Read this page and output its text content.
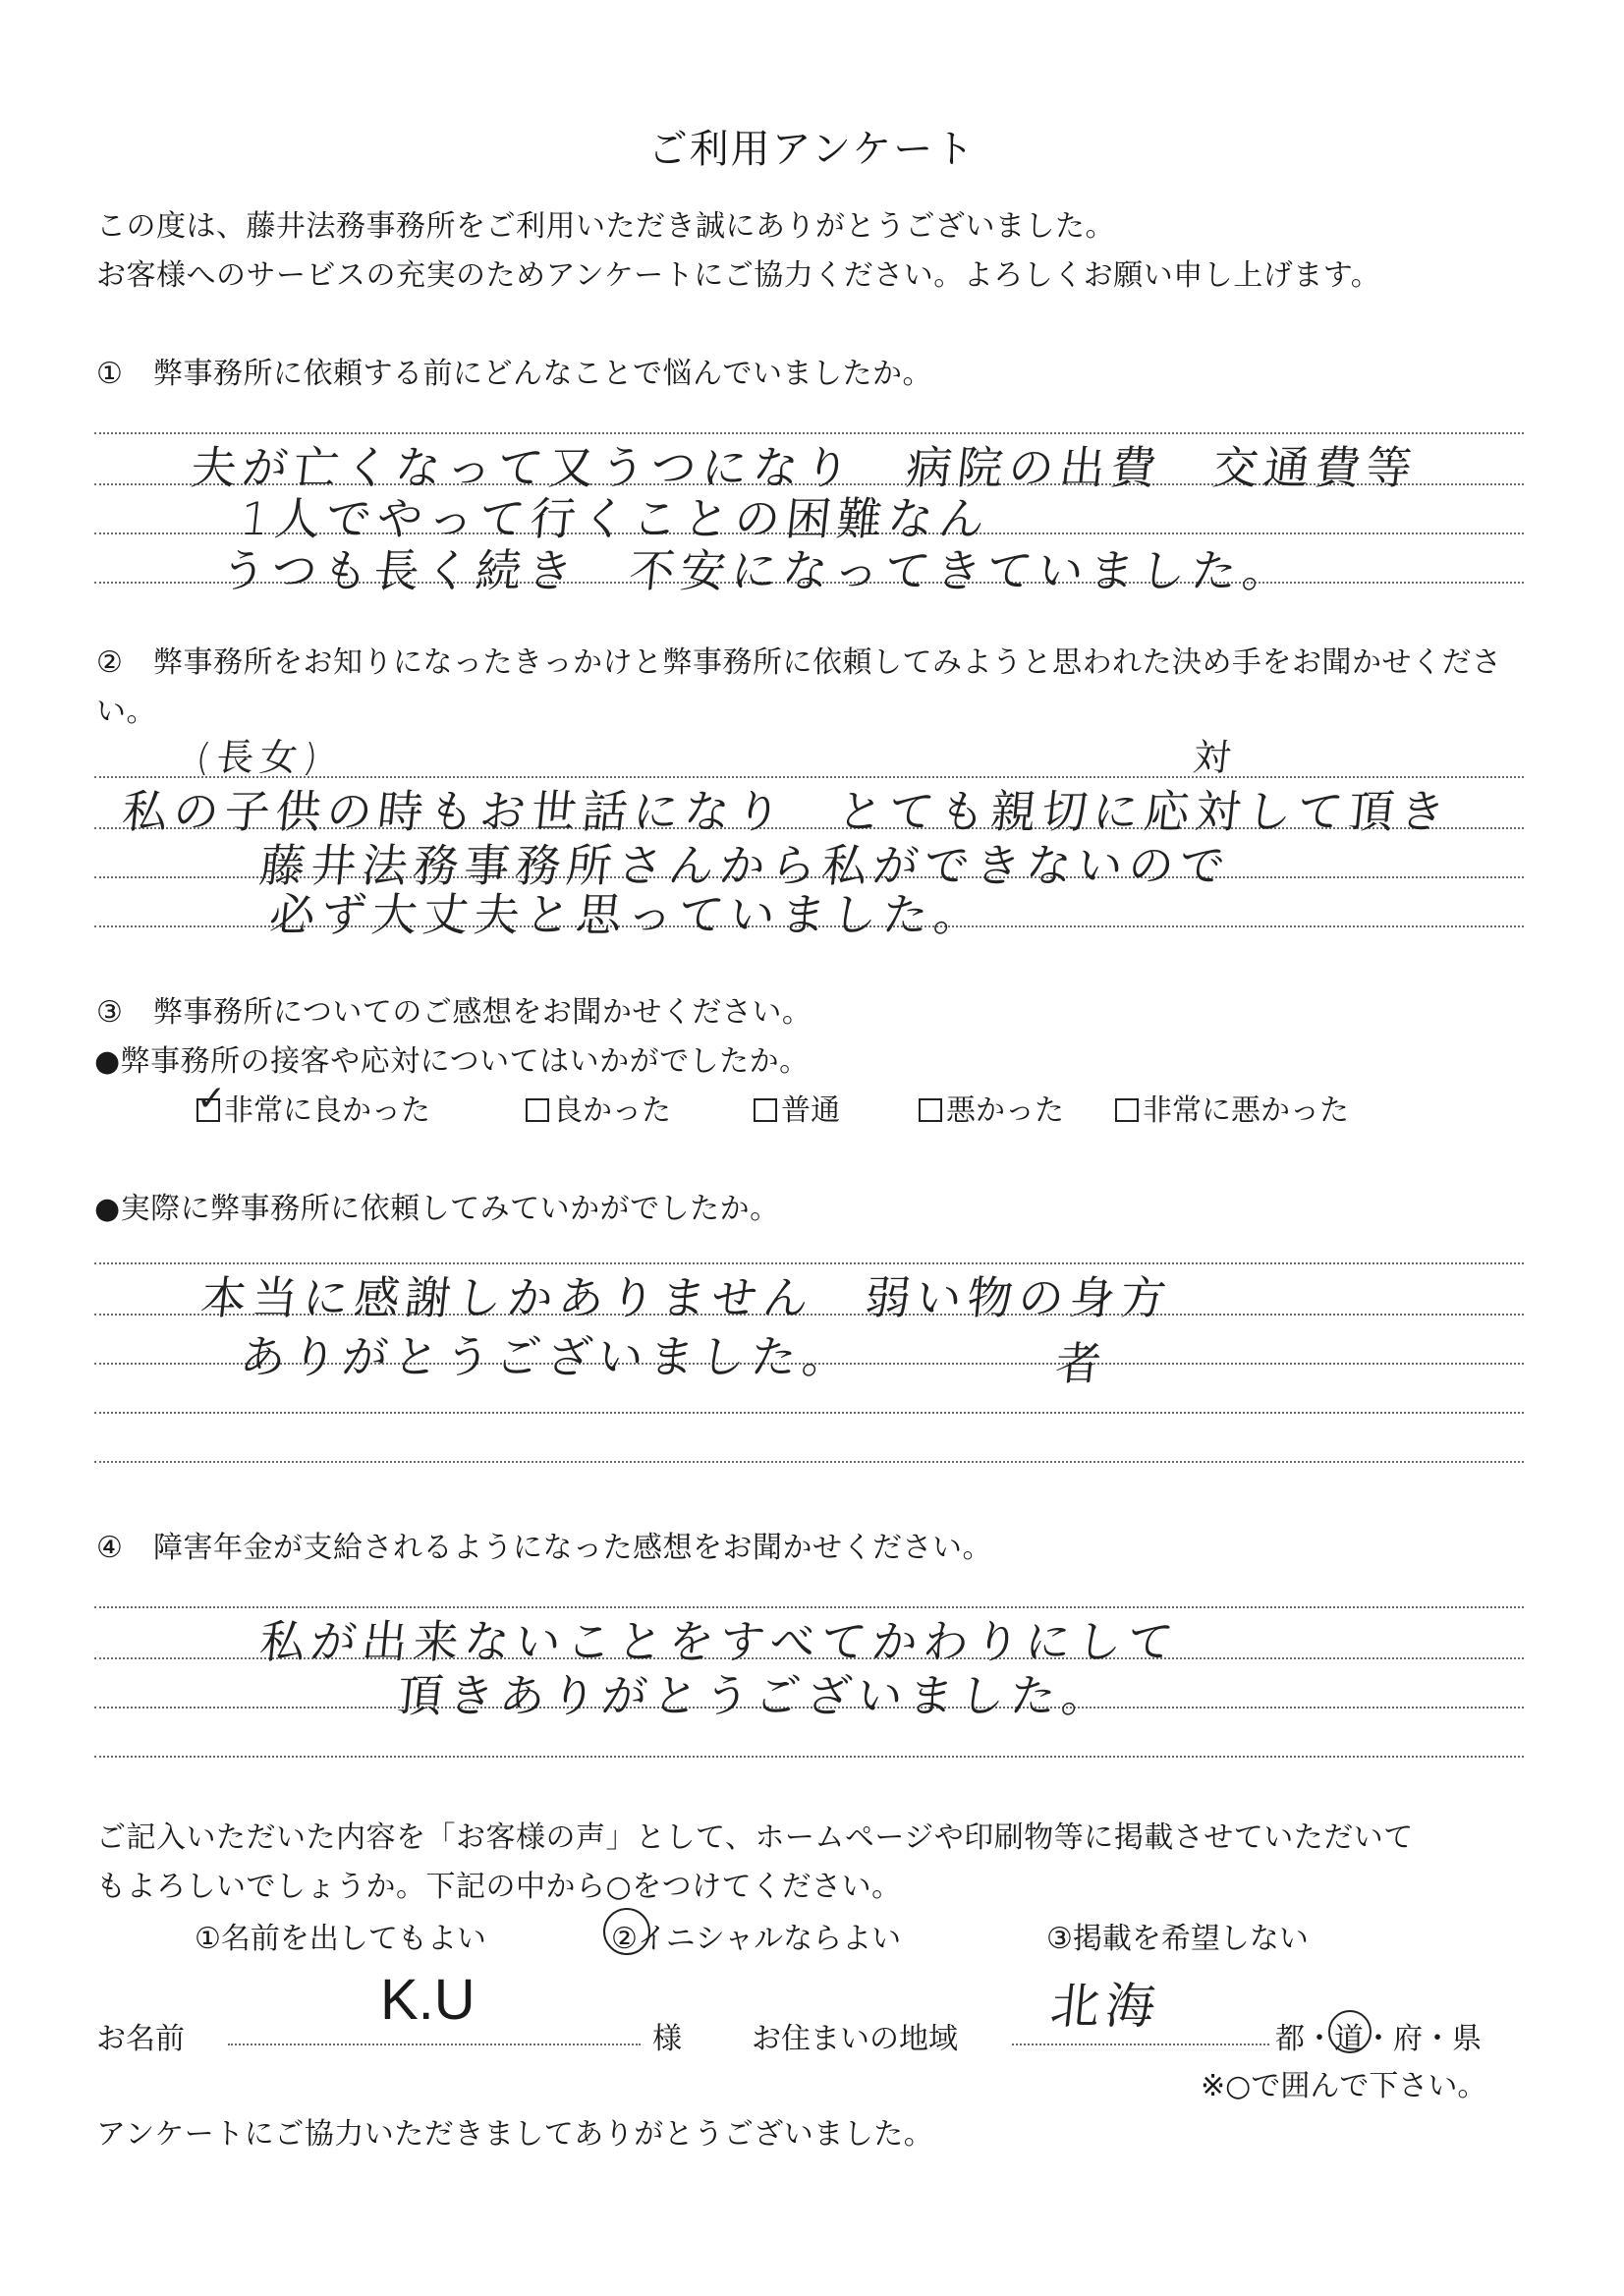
ご利用アンケート
この度は、藤井法務事務所をご利用いただき誠にありがとうございました。
お客様へのサービスの充実のためアンケートにご協力ください。よろしくお願い申し上げます。
① 弊事務所に依頼する前にどんなことで悩んでいましたか。
夫が亡くなって又うつになり　病院の出費　交通費等
1人でやって行くことの困難なん
うつも長く続き　不安になってきていました。
② 弊事務所をお知りになったきっかけと弊事務所に依頼してみようと思われた決め手をお聞かせください。
(長女)	対
私の子供の時もお世話になり　とても親切に応対して頂き
藤井法務事務所さんから私ができないので
必ず大丈夫と思っていました。
③ 弊事務所についてのご感想をお聞かせください。
●弊事務所の接客や応対についてはいかがでしたか。
✓
非常に良かった	良かった	普通	悪かった	非常に悪かった
●実際に弊事務所に依頼してみていかがでしたか。
本当に感謝しかありません　弱い物の身方
ありがとうございました。	者
④ 障害年金が支給されるようになった感想をお聞かせください。
私が出来ないことをすべてかわりにして
頂きありがとうございました。
ご記入いただいた内容を「お客様の声」として、ホームページや印刷物等に掲載させていただいて
もよろしいでしょうか。下記の中から○をつけてください。
①名前を出してもよい	②イニシャルならよい	③掲載を希望しない
お名前
K.U
様 お住まいの地域
北海
都・
道・府・県
※○で囲んで下さい。
アンケートにご協力いただきましてありがとうございました。
